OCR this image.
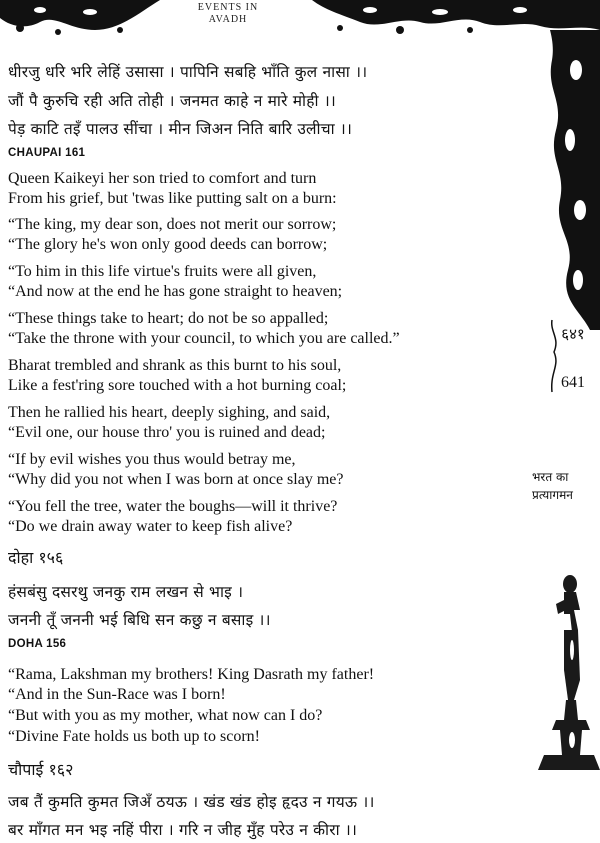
EVENTS IN
AVADH
धीरजु धरि भरि लेहिं उसासा । पापिनि सबहि भाँति कुल नासा ।।
जौं पै कुरुचि रही अति तोही । जनमत काहे न मारे मोही ।।
पेड़ काटि तइँ पालउ सींचा । मीन जिअन निति बारि उलीचा ।।
CHAUPAI 161
Queen Kaikeyi her son tried to comfort and turn
From his grief, but 'twas like putting salt on a burn:
“The king, my dear son, does not merit our sorrow;
“The glory he's won only good deeds can borrow;
“To him in this life virtue's fruits were all given,
“And now at the end he has gone straight to heaven;
“These things take to heart; do not be so appalled;
“Take the throne with your council, to which you are called.”
Bharat trembled and shrank as this burnt to his soul,
Like a fest'ring sore touched with a hot burning coal;
Then he rallied his heart, deeply sighing, and said,
“Evil one, our house thro' you is ruined and dead;
“If by evil wishes you thus would betray me,
“Why did you not when I was born at once slay me?
“You fell the tree, water the boughs—will it thrive?
“Do we drain away water to keep fish alive?
दोहा १५६
हंसबंसु दसरथु जनकु राम लखन से भाइ ।
जननी तूँ जननी भई बिधि सन कछु न बसाइ ।।
DOHA 156
“Rama, Lakshman my brothers! King Dasrath my father!
“And in the Sun-Race was I born!
“But with you as my mother, what now can I do?
“Divine Fate holds us both up to scorn!
चौपाई १६२
जब तैं कुमति कुमत जिअँ ठयऊ । खंड खंड होइ हृदउ न गयऊ ।।
बर माँगत मन भइ नहिं पीरा । गरि न जीह मुँह परेउ न कीरा ।।
६४१
641
भरत का
प्रत्यागमन
